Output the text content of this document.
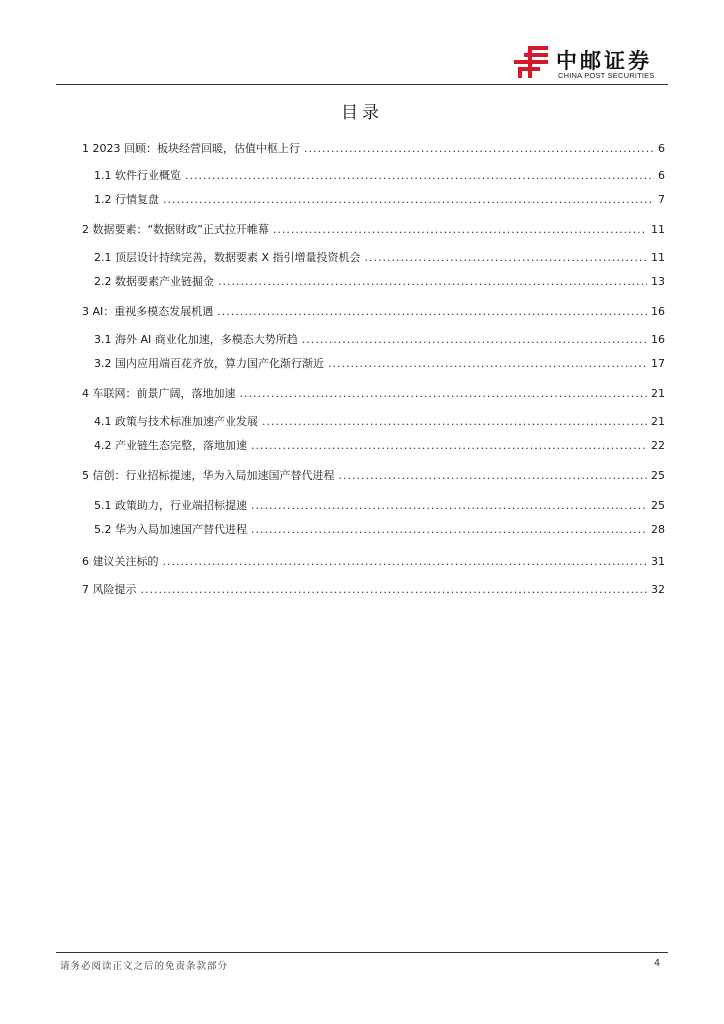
中邮证券
CHINA POST SECURITIES
目录
1 2023 回顾：板块经营回暖，估值中枢上行 .....	6
1.1 软件行业概览 .....	6
1.2 行情复盘 .....	7
2 数据要素：“数据财政”正式拉开帷幕 .....	11
2.1 顶层设计持续完善，数据要素 X 指引增量投资机会 .....	11
2.2 数据要素产业链掘金 .....	13
3 AI：重视多模态发展机遇 .....	16
3.1 海外 AI 商业化加速，多模态大势所趋 .....	16
3.2 国内应用端百花齐放，算力国产化渐行渐近 .....	17
4 车联网：前景广阔，落地加速 .....	21
4.1 政策与技术标准加速产业发展 .....	21
4.2 产业链生态完整，落地加速 .....	22
5 信创：行业招标提速，华为入局加速国产替代进程 .....	25
5.1 政策助力，行业端招标提速 .....	25
5.2 华为入局加速国产替代进程 .....	28
6 建议关注标的 .....	31
7 风险提示 .....	32
请务必阅读正文之后的免责条款部分	4
